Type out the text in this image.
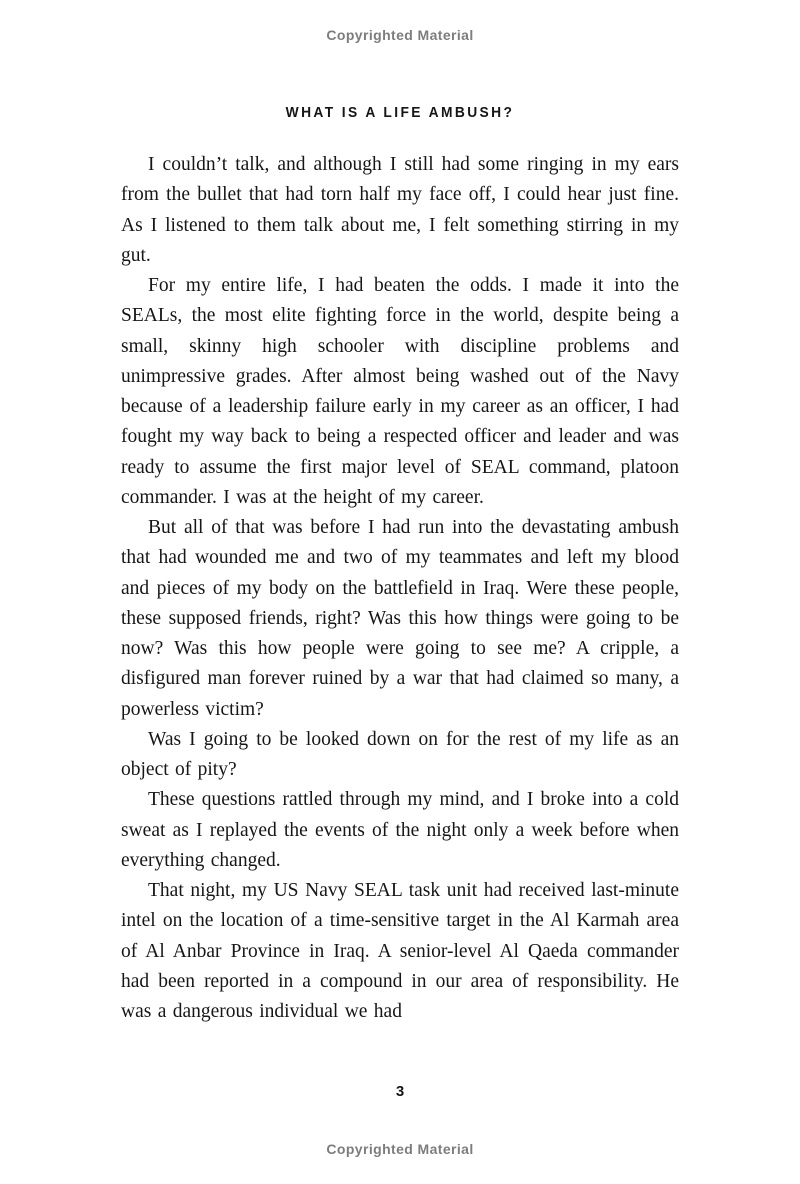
Copyrighted Material
WHAT IS A LIFE AMBUSH?

I couldn’t talk, and although I still had some ringing in my ears from the bullet that had torn half my face off, I could hear just fine. As I listened to them talk about me, I felt something stirring in my gut.

For my entire life, I had beaten the odds. I made it into the SEALs, the most elite fighting force in the world, despite being a small, skinny high schooler with discipline problems and unimpressive grades. After almost being washed out of the Navy because of a leadership failure early in my career as an officer, I had fought my way back to being a respected officer and leader and was ready to assume the first major level of SEAL command, platoon commander. I was at the height of my career.

But all of that was before I had run into the devastating ambush that had wounded me and two of my teammates and left my blood and pieces of my body on the battlefield in Iraq. Were these people, these supposed friends, right? Was this how things were going to be now? Was this how people were going to see me? A cripple, a disfigured man forever ruined by a war that had claimed so many, a powerless victim?

Was I going to be looked down on for the rest of my life as an object of pity?

These questions rattled through my mind, and I broke into a cold sweat as I replayed the events of the night only a week before when everything changed.

That night, my US Navy SEAL task unit had received last-minute intel on the location of a time-sensitive target in the Al Karmah area of Al Anbar Province in Iraq. A senior-level Al Qaeda commander had been reported in a compound in our area of responsibility. He was a dangerous individual we had

3
Copyrighted Material
